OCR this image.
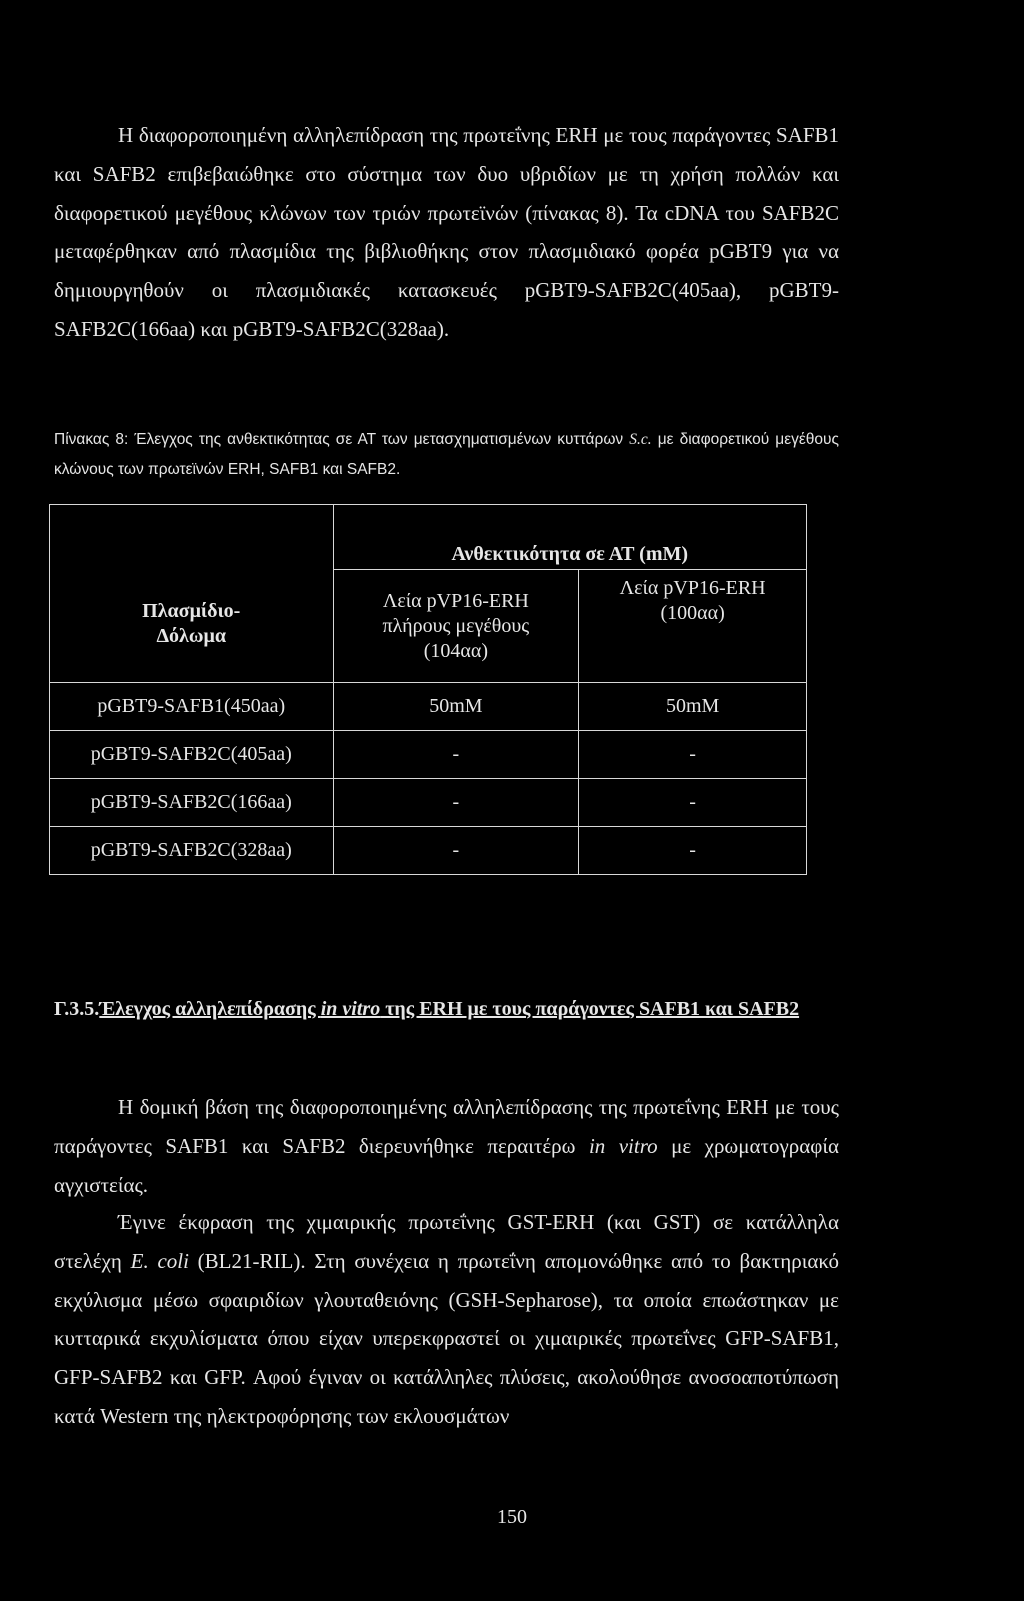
Η διαφοροποιημένη αλληλεπίδραση της πρωτεΐνης ERH με τους παράγοντες SAFB1 και SAFB2 επιβεβαιώθηκε στο σύστημα των δυο υβριδίων με τη χρήση πολλών και διαφορετικού μεγέθους κλώνων των τριών πρωτεϊνών (πίνακας 8). Τα cDNA του SAFB2C μεταφέρθηκαν από πλασμίδια της βιβλιοθήκης στον πλασμιδιακό φορέα pGBT9 για να δημιουργηθούν οι πλασμιδιακές κατασκευές pGBT9-SAFB2C(405aa), pGBT9-SAFB2C(166aa) και pGBT9-SAFB2C(328aa).

Πίνακας 8: Έλεγχος της ανθεκτικότητας σε ΑΤ των μετασχηματισμένων κυττάρων S.c. με διαφορετικού μεγέθους κλώνους των πρωτεϊνών ERH, SAFB1 και SAFB2.

Πλασμίδιο-Δόλωμα	Ανθεκτικότητα σε ΑΤ (mM)	
	Λεία pVP16-ERH πλήρους μεγέθους (104αα)	Λεία pVP16-ERH (100αα)
pGBT9-SAFB1(450aa)	50mM	50mM
pGBT9-SAFB2C(405aa)	-	-
pGBT9-SAFB2C(166aa)	-	-
pGBT9-SAFB2C(328aa)	-	-

Γ.3.5.Έλεγχος αλληλεπίδρασης in vitro της ERH με τους παράγοντες SAFB1 και SAFB2

Η δομική βάση της διαφοροποιημένης αλληλεπίδρασης της πρωτεΐνης ERH με τους παράγοντες SAFB1 και SAFB2 διερευνήθηκε περαιτέρω in vitro με χρωματογραφία αγχιστείας.

Έγινε έκφραση της χιμαιρικής πρωτεΐνης GST-ERH (και GST) σε κατάλληλα στελέχη E. coli (BL21-RIL). Στη συνέχεια η πρωτεΐνη απομονώθηκε από το βακτηριακό εκχύλισμα μέσω σφαιριδίων γλουταθειόνης (GSH-Sepharose), τα οποία επωάστηκαν με κυτταρικά εκχυλίσματα όπου είχαν υπερεκφραστεί οι χιμαιρικές πρωτεΐνες GFP-SAFB1, GFP-SAFB2 και GFP. Αφού έγιναν οι κατάλληλες πλύσεις, ακολούθησε ανοσοαποτύπωση κατά Western της ηλεκτροφόρησης των εκλουσμάτων

150
